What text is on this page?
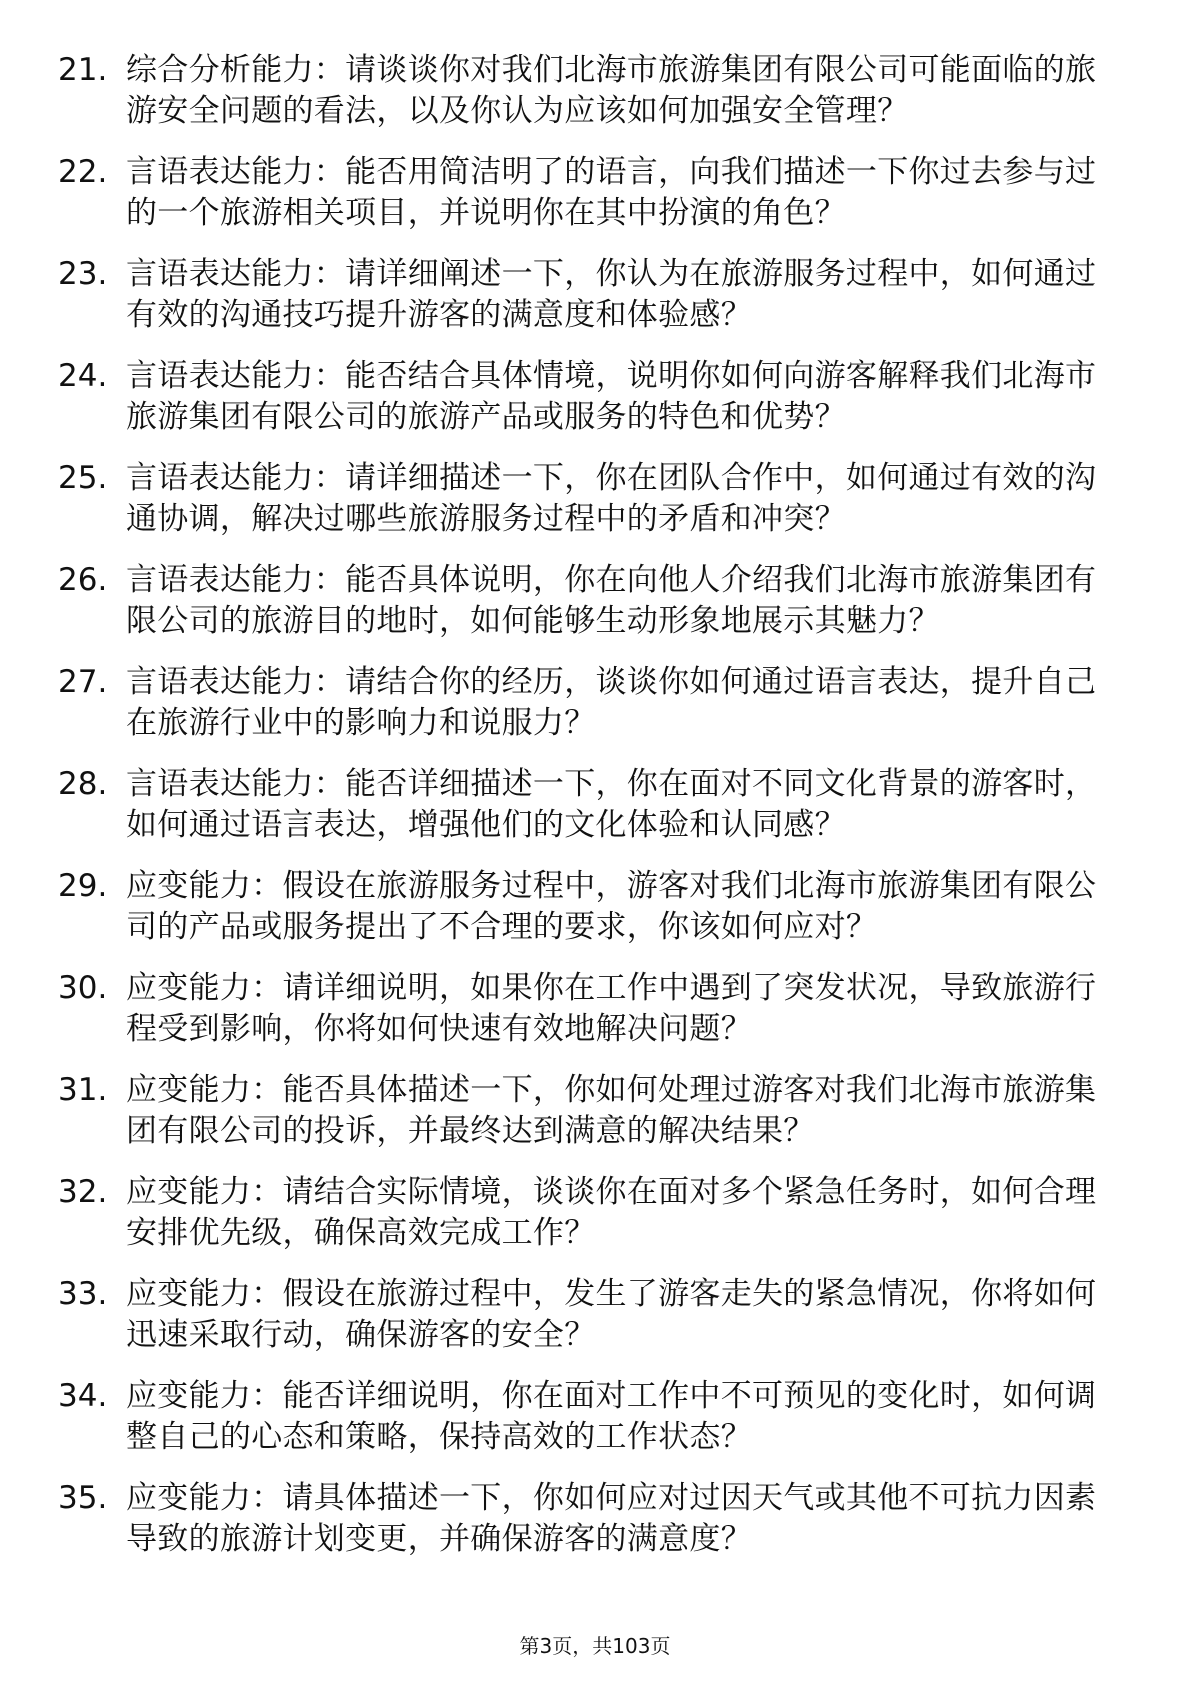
21. 综合分析能力：请谈谈你对我们北海市旅游集团有限公司可能面临的旅游安全问题的看法，以及你认为应该如何加强安全管理？
22. 言语表达能力：能否用简洁明了的语言，向我们描述一下你过去参与过的一个旅游相关项目，并说明你在其中扮演的角色？
23. 言语表达能力：请详细阐述一下，你认为在旅游服务过程中，如何通过有效的沟通技巧提升游客的满意度和体验感？
24. 言语表达能力：能否结合具体情境，说明你如何向游客解释我们北海市旅游集团有限公司的旅游产品或服务的特色和优势？
25. 言语表达能力：请详细描述一下，你在团队合作中，如何通过有效的沟通协调，解决过哪些旅游服务过程中的矛盾和冲突？
26. 言语表达能力：能否具体说明，你在向他人介绍我们北海市旅游集团有限公司的旅游目的地时，如何能够生动形象地展示其魅力？
27. 言语表达能力：请结合你的经历，谈谈你如何通过语言表达，提升自己在旅游行业中的影响力和说服力？
28. 言语表达能力：能否详细描述一下，你在面对不同文化背景的游客时，如何通过语言表达，增强他们的文化体验和认同感？
29. 应变能力：假设在旅游服务过程中，游客对我们北海市旅游集团有限公司的产品或服务提出了不合理的要求，你该如何应对？
30. 应变能力：请详细说明，如果你在工作中遇到了突发状况，导致旅游行程受到影响，你将如何快速有效地解决问题？
31. 应变能力：能否具体描述一下，你如何处理过游客对我们北海市旅游集团有限公司的投诉，并最终达到满意的解决结果？
32. 应变能力：请结合实际情境，谈谈你在面对多个紧急任务时，如何合理安排优先级，确保高效完成工作？
33. 应变能力：假设在旅游过程中，发生了游客走失的紧急情况，你将如何迅速采取行动，确保游客的安全？
34. 应变能力：能否详细说明，你在面对工作中不可预见的变化时，如何调整自己的心态和策略，保持高效的工作状态？
35. 应变能力：请具体描述一下，你如何应对过因天气或其他不可抗力因素导致的旅游计划变更，并确保游客的满意度？
第3页，共103页
